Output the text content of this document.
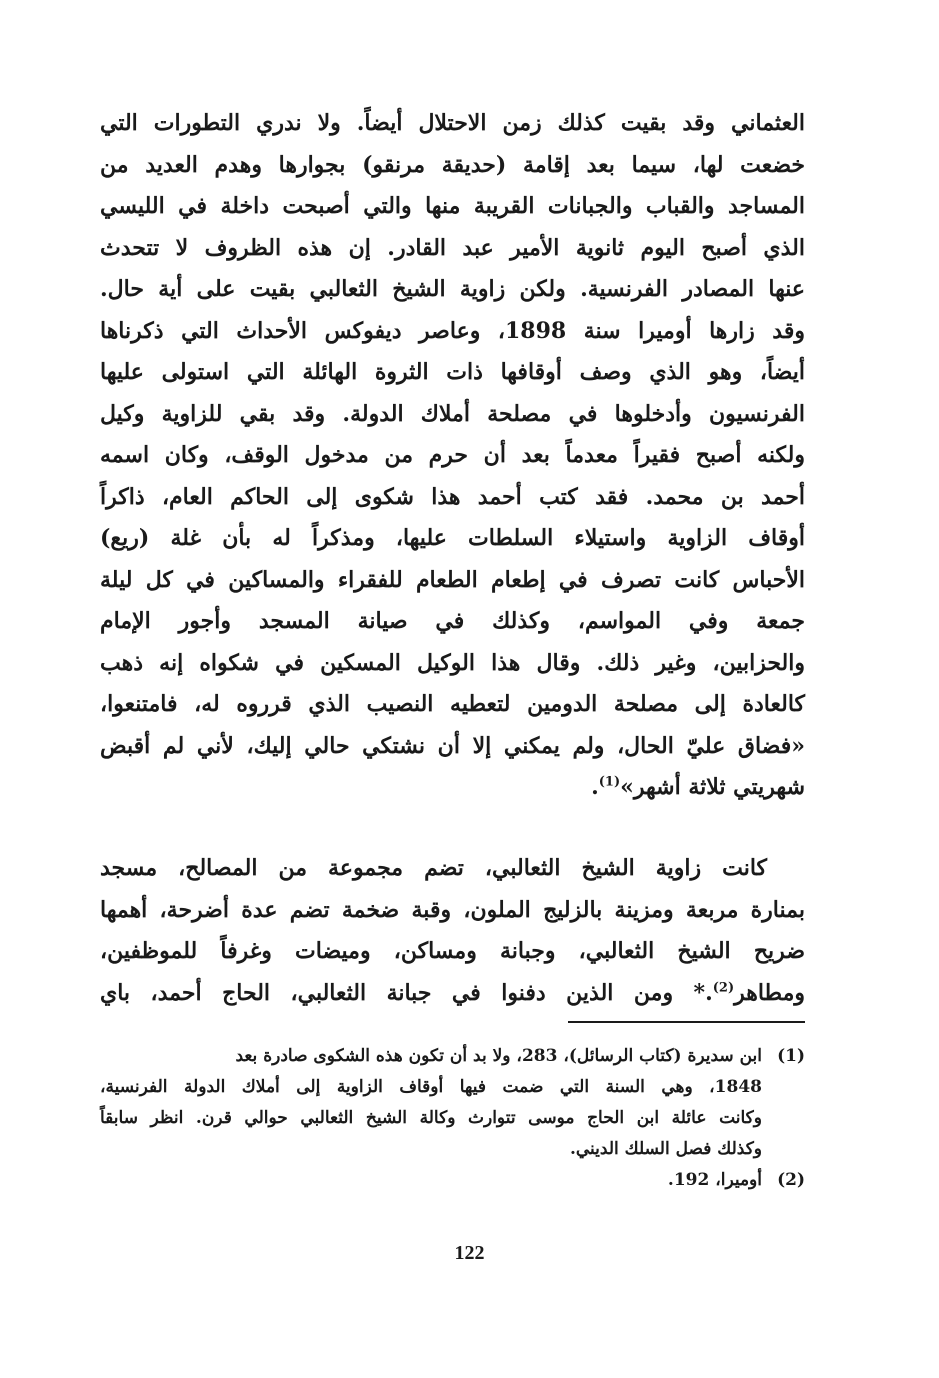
العثماني وقد بقيت كذلك زمن الاحتلال أيضاً. ولا ندري التطورات التي
خضعت لها، سيما بعد إقامة (حديقة مرنقو) بجوارها وهدم العديد من
المساجد والقباب والجبانات القريبة منها والتي أصبحت داخلة في الليسي
الذي أصبح اليوم ثانوية الأمير عبد القادر. إن هذه الظروف لا تتحدث
عنها المصادر الفرنسية. ولكن زاوية الشيخ الثعالبي بقيت على أية حال.
وقد زارها أوميرا سنة 1898، وعاصر ديفوكس الأحداث التي ذكرناها
أيضاً، وهو الذي وصف أوقافها ذات الثروة الهائلة التي استولى عليها
الفرنسيون وأدخلوها في مصلحة أملاك الدولة. وقد بقي للزاوية وكيل
ولكنه أصبح فقيراً معدماً بعد أن حرم من مدخول الوقف، وكان اسمه
أحمد بن محمد. فقد كتب أحمد هذا شكوى إلى الحاكم العام، ذاكراً
أوقاف الزاوية واستيلاء السلطات عليها، ومذكراً له بأن غلة (ريع)
الأحباس كانت تصرف في إطعام الطعام للفقراء والمساكين في كل ليلة
جمعة وفي المواسم، وكذلك في صيانة المسجد وأجور الإمام
والحزابين، وغير ذلك. وقال هذا الوكيل المسكين في شكواه إنه ذهب
كالعادة إلى مصلحة الدومين لتعطيه النصيب الذي قرروه له، فامتنعوا،
«فضاق عليّ الحال، ولم يمكني إلا أن نشتكي حالي إليك، لأني لم أقبض
شهريتي ثلاثة أشهر»$^{(1)}$.
كانت زاوية الشيخ الثعالبي، تضم مجموعة من المصالح، مسجد
بمنارة مربعة ومزينة بالزليج الملون، وقبة ضخمة تضم عدة أضرحة، أهمها
ضريح الشيخ الثعالبي، وجبانة ومساكن، وميضات وغرفاً للموظفين،
ومطاهر$^{(2)}$.* ومن الذين دفنوا في جبانة الثعالبي، الحاج أحمد، باي
(1)ابن سديرة (كتاب الرسائل)، 283، ولا بد أن تكون هذه الشكوى صادرة بعد
1848، وهي السنة التي ضمت فيها أوقاف الزاوية إلى أملاك الدولة الفرنسية،
وكانت عائلة ابن الحاج موسى تتوارث وكالة الشيخ الثعالبي حوالي قرن. انظر سابقاً
وكذلك فصل السلك الديني.
(2)أوميرا، 192.
122
